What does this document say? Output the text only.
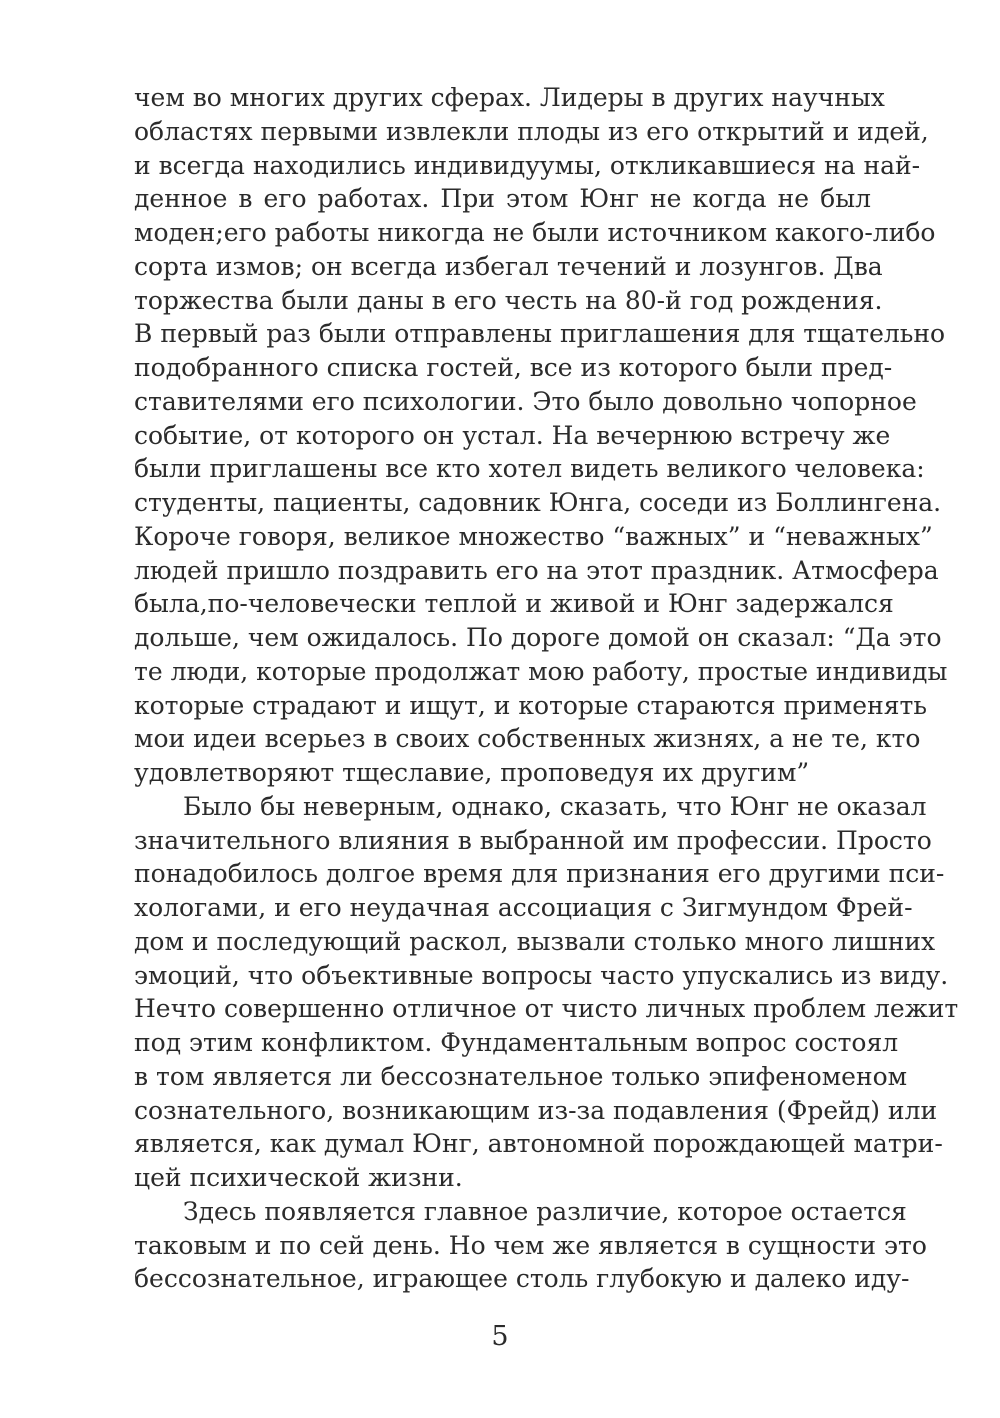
чем во многих других сферах. Лидеры в других научных
областях первыми извлекли плоды из его открытий и идей,
и всегда находились индивидуумы, откликавшиеся на най-
денное в его работах. При этом Юнг не когда не был
моден;его работы никогда не были источником какого-либо
сорта измов; он всегда избегал течений и лозунгов. Два
торжества были даны в его честь на 80-й год рождения.
В первый раз были отправлены приглашения для тщательно
подобранного списка гостей, все из которого были пред-
ставителями его психологии. Это было довольно чопорное
событие, от которого он устал. На вечернюю встречу же
были приглашены все кто хотел видеть великого человека:
студенты, пациенты, садовник Юнга, соседи из Боллингена.
Короче говоря, великое множество “важных” и “неважных”
людей пришло поздравить его на этот праздник. Атмосфера
была,по-человечески теплой и живой и Юнг задержался
дольше, чем ожидалось. По дороге домой он сказал: “Да это
те люди, которые продолжат мою работу, простые индивиды
которые страдают и ищут, и которые стараются применять
мои идеи всерьез в своих собственных жизнях, а не те, кто
удовлетворяют тщеславие, проповедуя их другим”
Было бы неверным, однако, сказать, что Юнг не оказал
значительного влияния в выбранной им профессии. Просто
понадобилось долгое время для признания его другими пси-
хологами, и его неудачная ассоциация с Зигмундом Фрей-
дом и последующий раскол, вызвали столько много лишних
эмоций, что объективные вопросы часто упускались из виду.
Нечто совершенно отличное от чисто личных проблем лежит
под этим конфликтом. Фундаментальным вопрос состоял
в том является ли бессознательное только эпифеноменом
сознательного, возникающим из-за подавления (Фрейд) или
является, как думал Юнг, автономной порождающей матри-
цей психической жизни.
Здесь появляется главное различие, которое остается
таковым и по сей день. Но чем же является в сущности это
бессознательное, играющее столь глубокую и далеко иду-
5
